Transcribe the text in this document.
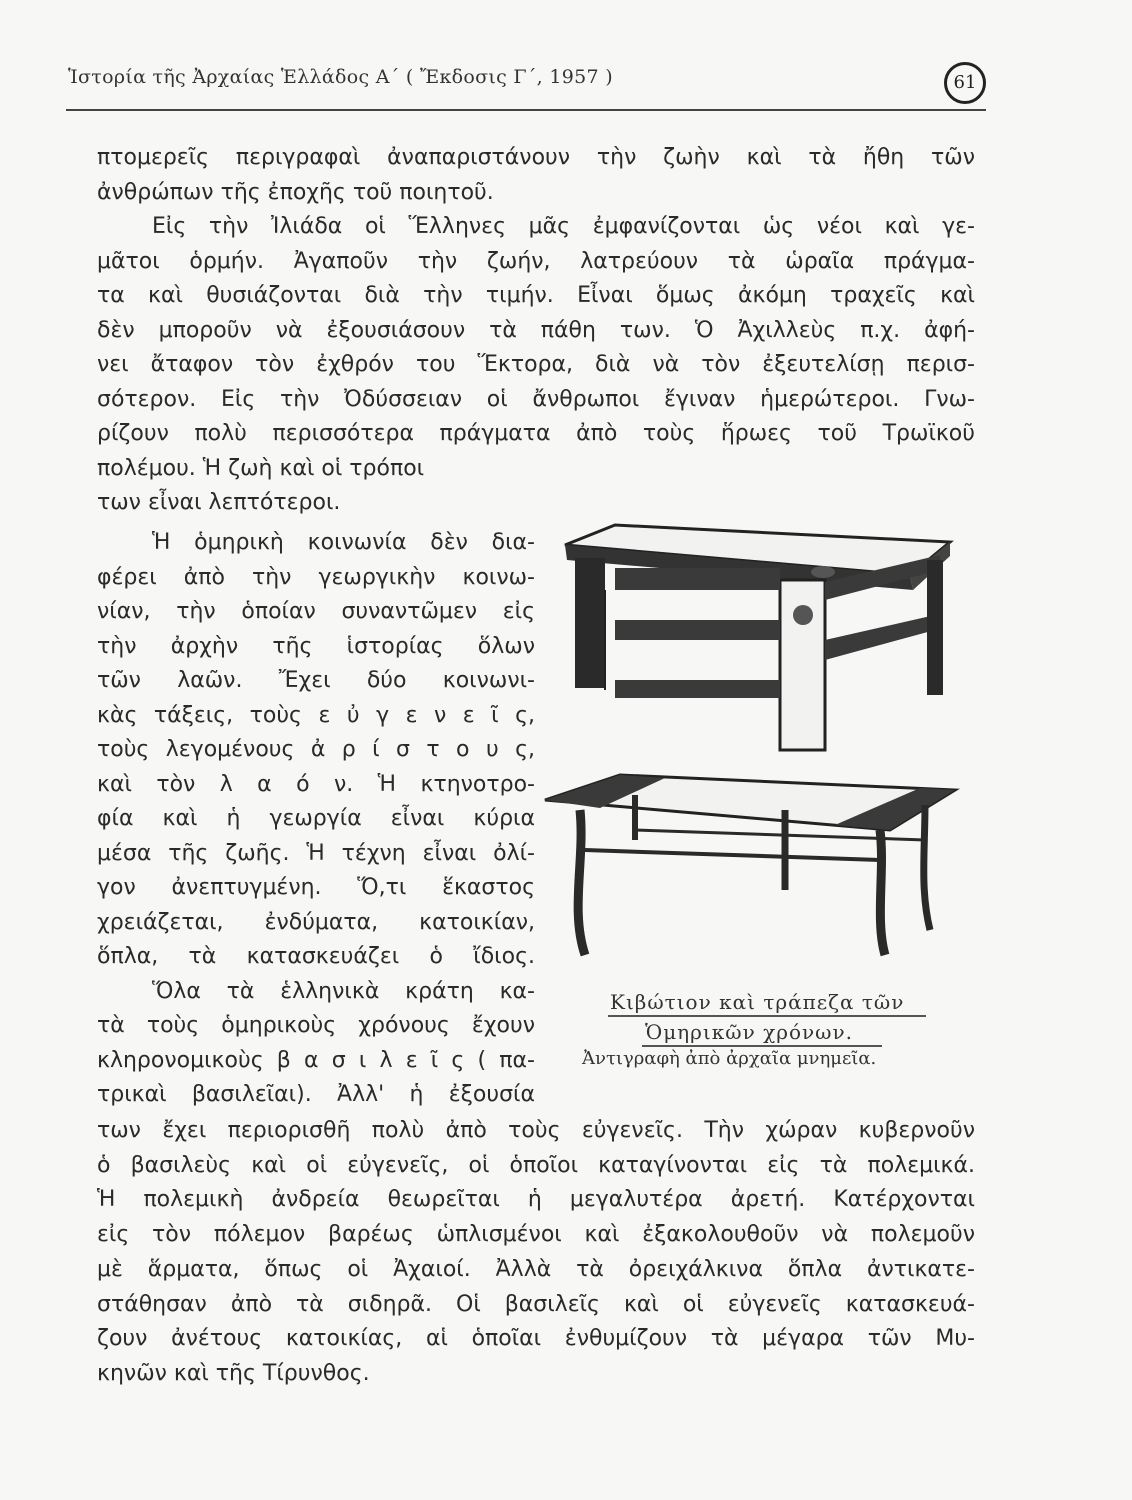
Ἱστορία τῆς Ἀρχαίας Ἑλλάδος Α΄ ( Ἔκδοσις Γ΄, 1957 )	61
πτομερεῖς περιγραφαὶ ἀναπαριστάνουν τὴν ζωὴν καὶ τὰ ἤθη τῶν
ἀνθρώπων τῆς ἐποχῆς τοῦ ποιητοῦ.
Εἰς τὴν Ἰλιάδα οἱ Ἕλληνες μᾶς ἐμφανίζονται ὡς νέοι καὶ γε-
μᾶτοι ὁρμήν. Ἀγαποῦν τὴν ζωήν, λατρεύουν τὰ ὡραῖα πράγμα-
τα καὶ θυσιάζονται διὰ τὴν τιμήν. Εἶναι ὅμως ἀκόμη τραχεῖς καὶ
δὲν μποροῦν νὰ ἐξουσιάσουν τὰ πάθη των. Ὁ Ἀχιλλεὺς π.χ. ἀφή-
νει ἄταφον τὸν ἐχθρόν του Ἕκτορα, διὰ νὰ τὸν ἐξευτελίσῃ περισ-
σότερον. Εἰς τὴν Ὀδύσσειαν οἱ ἄνθρωποι ἔγιναν ἡμερώτεροι. Γνω-
ρίζουν πολὺ περισσότερα πράγματα ἀπὸ τοὺς ἥρωες τοῦ Τρωϊκοῦ
πολέμου. Ἡ ζωὴ καὶ οἱ τρόποι
των εἶναι λεπτότεροι.
Ἡ ὁμηρικὴ κοινωνία δὲν δια-
φέρει ἀπὸ τὴν γεωργικὴν κοινω-
νίαν, τὴν ὁποίαν συναντῶμεν εἰς
τὴν ἀρχὴν τῆς ἱστορίας ὅλων
τῶν λαῶν. Ἔχει δύο κοινωνι-
κὰς τάξεις, τοὺς ε ὐ γ ε ν ε ῖ ς,
τοὺς λεγομένους ἀ ρ ί σ τ ο υ ς,
καὶ τὸν λ α ό ν. Ἡ κτηνοτρο-
φία καὶ ἡ γεωργία εἶναι κύρια
μέσα τῆς ζωῆς. Ἡ τέχνη εἶναι ὀλί-
γον ἀνεπτυγμένη. Ὅ,τι ἕκαστος
χρειάζεται, ἐνδύματα, κατοικίαν,
ὅπλα, τὰ κατασκευάζει ὁ ἴδιος.
Ὅλα τὰ ἑλληνικὰ κράτη κα-
τὰ τοὺς ὁμηρικοὺς χρόνους ἔχουν
κληρονομικοὺς β α σ ι λ ε ῖ ς ( πα-
τρικαὶ βασιλεῖαι). Ἀλλ' ἡ ἐξουσία
των ἔχει περιορισθῆ πολὺ ἀπὸ τοὺς εὐγενεῖς. Τὴν χώραν κυβερνοῦν
ὁ βασιλεὺς καὶ οἱ εὐγενεῖς, οἱ ὁποῖοι καταγίνονται εἰς τὰ πολεμικά.
Ἡ πολεμικὴ ἀνδρεία θεωρεῖται ἡ μεγαλυτέρα ἀρετή. Κατέρχονται
εἰς τὸν πόλεμον βαρέως ὡπλισμένοι καὶ ἐξακολουθοῦν νὰ πολεμοῦν
μὲ ἅρματα, ὅπως οἱ Ἀχαιοί. Ἀλλὰ τὰ ὀρειχάλκινα ὅπλα ἀντικατε-
στάθησαν ἀπὸ τὰ σιδηρᾶ. Οἱ βασιλεῖς καὶ οἱ εὐγενεῖς κατασκευά-
ζουν ἀνέτους κατοικίας, αἱ ὁποῖαι ἐνθυμίζουν τὰ μέγαρα τῶν Μυ-
κηνῶν καὶ τῆς Τίρυνθος.
Κιβώτιον καὶ τράπεζα τῶν
Ὁμηρικῶν χρόνων.
Ἀντιγραφὴ ἀπὸ ἀρχαῖα μνημεῖα.
